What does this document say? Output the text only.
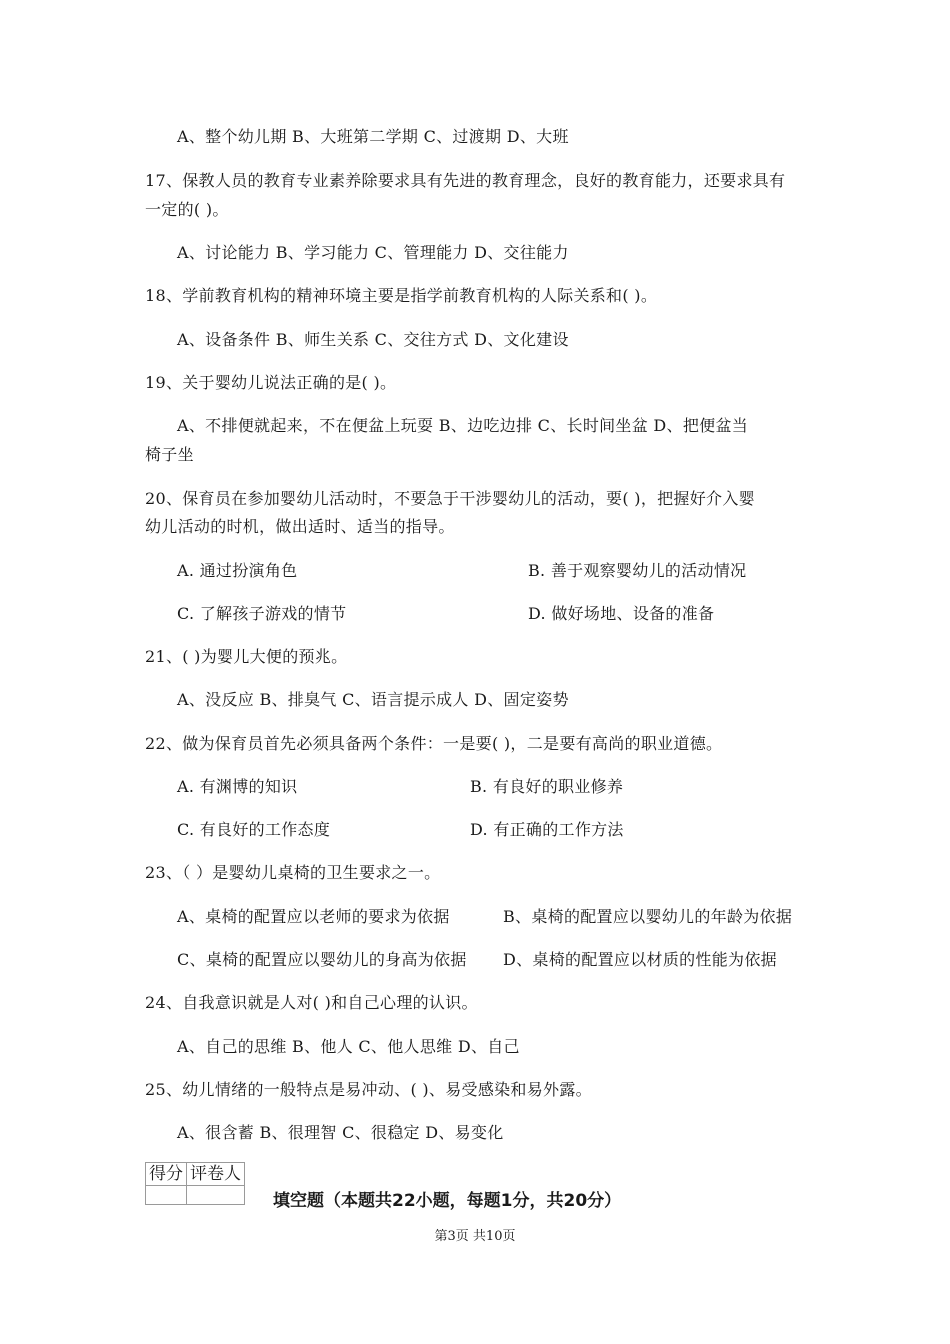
A、整个幼儿期 B、大班第二学期 C、过渡期 D、大班
17、保教人员的教育专业素养除要求具有先进的教育理念，良好的教育能力，还要求具有
一定的( )。
A、讨论能力 B、学习能力 C、管理能力 D、交往能力
18、学前教育机构的精神环境主要是指学前教育机构的人际关系和( )。
A、设备条件 B、师生关系 C、交往方式 D、文化建设
19、关于婴幼儿说法正确的是( )。
A、不排便就起来，不在便盆上玩耍 B、边吃边排 C、长时间坐盆 D、把便盆当
椅子坐
20、保育员在参加婴幼儿活动时，不要急于干涉婴幼儿的活动，要( )，把握好介入婴
幼儿活动的时机，做出适时、适当的指导。
A. 通过扮演角色	B. 善于观察婴幼儿的活动情况
C. 了解孩子游戏的情节	D. 做好场地、设备的准备
21、( )为婴儿大便的预兆。
A、没反应 B、排臭气 C、语言提示成人 D、固定姿势
22、做为保育员首先必须具备两个条件：一是要( )，二是要有高尚的职业道德。
A. 有渊博的知识	B. 有良好的职业修养
C. 有良好的工作态度	D. 有正确的工作方法
23、（ ）是婴幼儿桌椅的卫生要求之一。
A、桌椅的配置应以老师的要求为依据	B、桌椅的配置应以婴幼儿的年龄为依据
C、桌椅的配置应以婴幼儿的身高为依据 D、桌椅的配置应以材质的性能为依据
24、自我意识就是人对( )和自己心理的认识。
A、自己的思维 B、他人 C、他人思维 D、自己
25、幼儿情绪的一般特点是易冲动、( )、易受感染和易外露。
A、很含蓄 B、很理智 C、很稳定 D、易变化
得分	评卷人

填空题（本题共22小题，每题1分，共20分）
第3页 共10页
